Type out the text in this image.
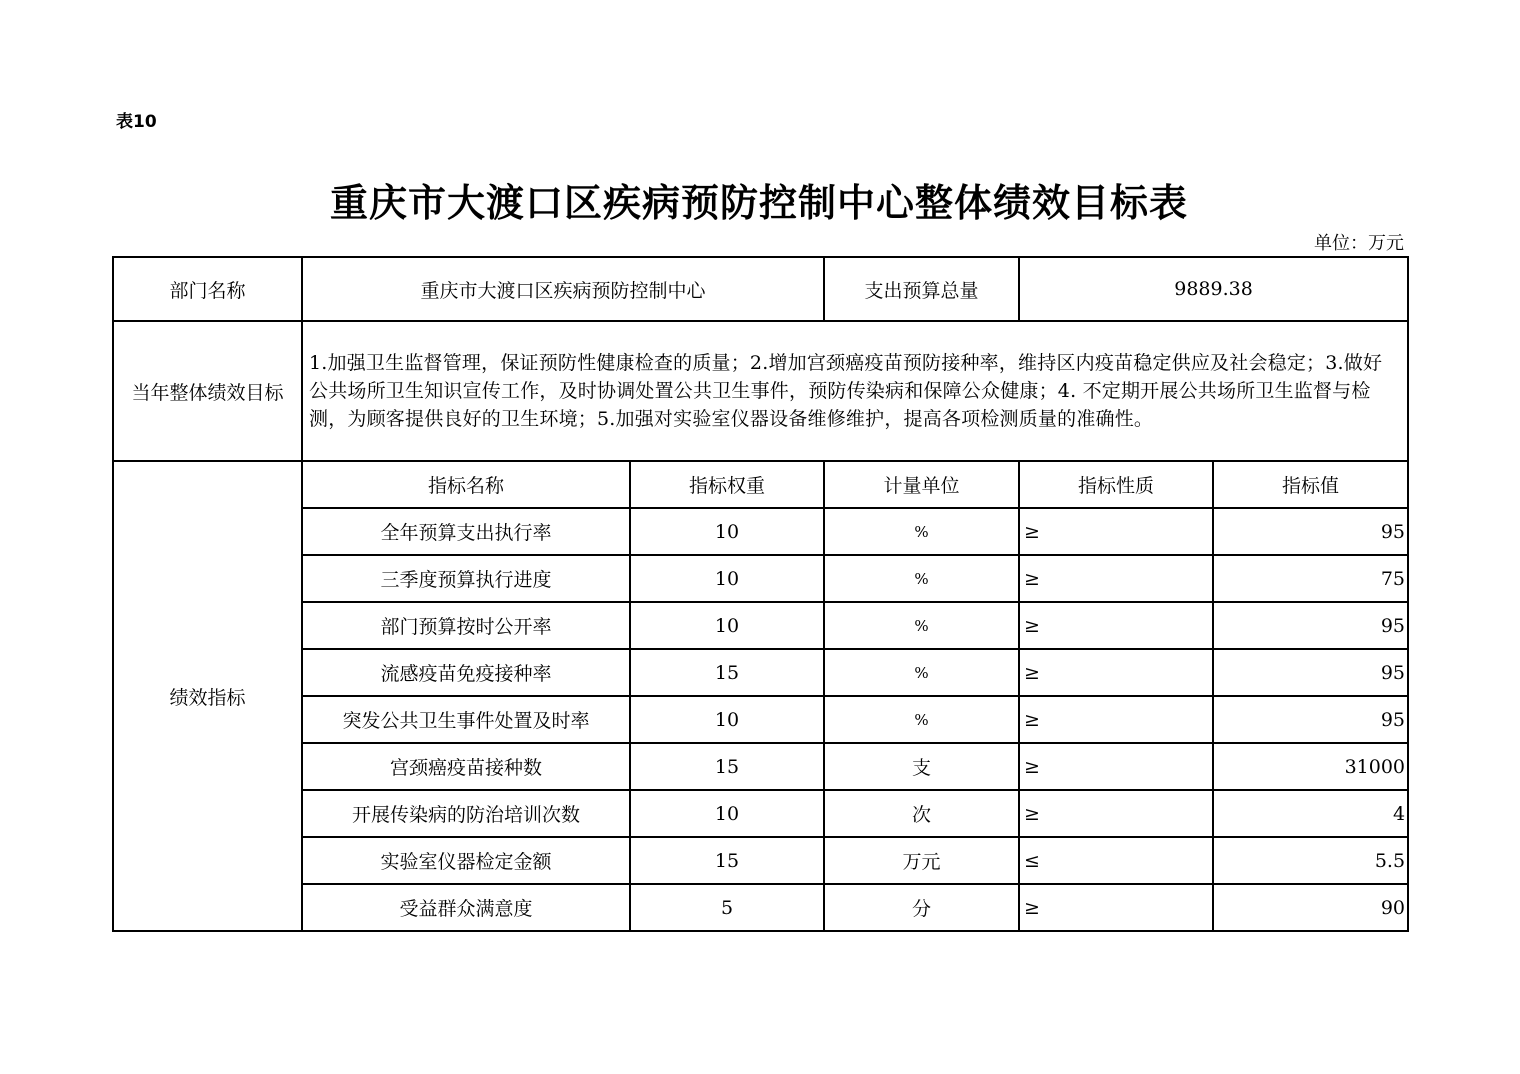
表10
重庆市大渡口区疾病预防控制中心整体绩效目标表
单位：万元
部门名称	重庆市大渡口区疾病预防控制中心		支出预算总量	9889.38	
当年整体绩效目标	1.加强卫生监督管理，保证预防性健康检查的质量；2.增加宫颈癌疫苗预防接种率，维持区内疫苗稳定供应及社会稳定；3.做好公共场所卫生知识宣传工作，及时协调处置公共卫生事件，预防传染病和保障公众健康；4. 不定期开展公共场所卫生监督与检测，为顾客提供良好的卫生环境；5.加强对实验室仪器设备维修维护，提高各项检测质量的准确性。				
绩效指标	指标名称	指标权重	计量单位	指标性质	指标值
	全年预算支出执行率	10	%	≥	95
	三季度预算执行进度	10	%	≥	75
	部门预算按时公开率	10	%	≥	95
	流感疫苗免疫接种率	15	%	≥	95
	突发公共卫生事件处置及时率	10	%	≥	95
	宫颈癌疫苗接种数	15	支	≥	31000
	开展传染病的防治培训次数	10	次	≥	4
	实验室仪器检定金额	15	万元	≤	5.5
	受益群众满意度	5	分	≥	90
